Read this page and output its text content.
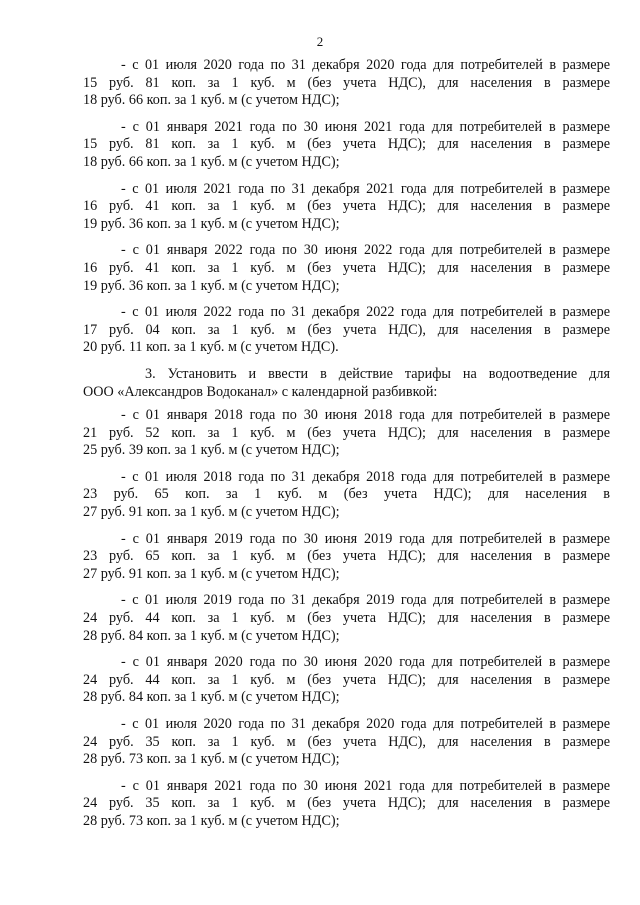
2
- с 01 июля 2020 года по 31 декабря 2020 года для потребителей в размере
15 руб. 81 коп. за 1 куб. м (без учета НДС), для населения в размере
18 руб. 66 коп. за 1 куб. м (с учетом НДС);
- с 01 января 2021 года по 30 июня 2021 года для потребителей в размере
15 руб. 81 коп. за 1 куб. м (без учета НДС); для населения в размере
18 руб. 66 коп. за 1 куб. м (с учетом НДС);
- с 01 июля 2021 года по 31 декабря 2021 года для потребителей в размере
16 руб. 41 коп. за 1 куб. м (без учета НДС); для населения в размере
19 руб. 36 коп. за 1 куб. м (с учетом НДС);
- с 01 января 2022 года по 30 июня 2022 года для потребителей в размере
16 руб. 41 коп. за 1 куб. м (без учета НДС); для населения в размере
19 руб. 36 коп. за 1 куб. м (с учетом НДС);
- с 01 июля 2022 года по 31 декабря 2022 года для потребителей в размере
17 руб. 04 коп. за 1 куб. м (без учета НДС), для населения в размере
20 руб. 11 коп. за 1 куб. м (с учетом НДС).
3. Установить и ввести в действие тарифы на водоотведение для
ООО «Александров Водоканал» с календарной разбивкой:
- с 01 января 2018 года по 30 июня 2018 года для потребителей в размере
21 руб. 52 коп. за 1 куб. м (без учета НДС); для населения в размере
25 руб. 39 коп. за 1 куб. м (с учетом НДС);
- с 01 июля 2018 года по 31 декабря 2018 года для потребителей в размере
23 руб. 65 коп. за 1 куб. м (без учета НДС); для населения в
27 руб. 91 коп. за 1 куб. м (с учетом НДС);
- с 01 января 2019 года по 30 июня 2019 года для потребителей в размере
23 руб. 65 коп. за 1 куб. м (без учета НДС); для населения в размере
27 руб. 91 коп. за 1 куб. м (с учетом НДС);
- с 01 июля 2019 года по 31 декабря 2019 года для потребителей в размере
24 руб. 44 коп. за 1 куб. м (без учета НДС); для населения в размере
28 руб. 84 коп. за 1 куб. м (с учетом НДС);
- с 01 января 2020 года по 30 июня 2020 года для потребителей в размере
24 руб. 44 коп. за 1 куб. м (без учета НДС); для населения в размере
28 руб. 84 коп. за 1 куб. м (с учетом НДС);
- с 01 июля 2020 года по 31 декабря 2020 года для потребителей в размере
24 руб. 35 коп. за 1 куб. м (без учета НДС), для населения в размере
28 руб. 73 коп. за 1 куб. м (с учетом НДС);
- с 01 января 2021 года по 30 июня 2021 года для потребителей в размере
24 руб. 35 коп. за 1 куб. м (без учета НДС); для населения в размере
28 руб. 73 коп. за 1 куб. м (с учетом НДС);
